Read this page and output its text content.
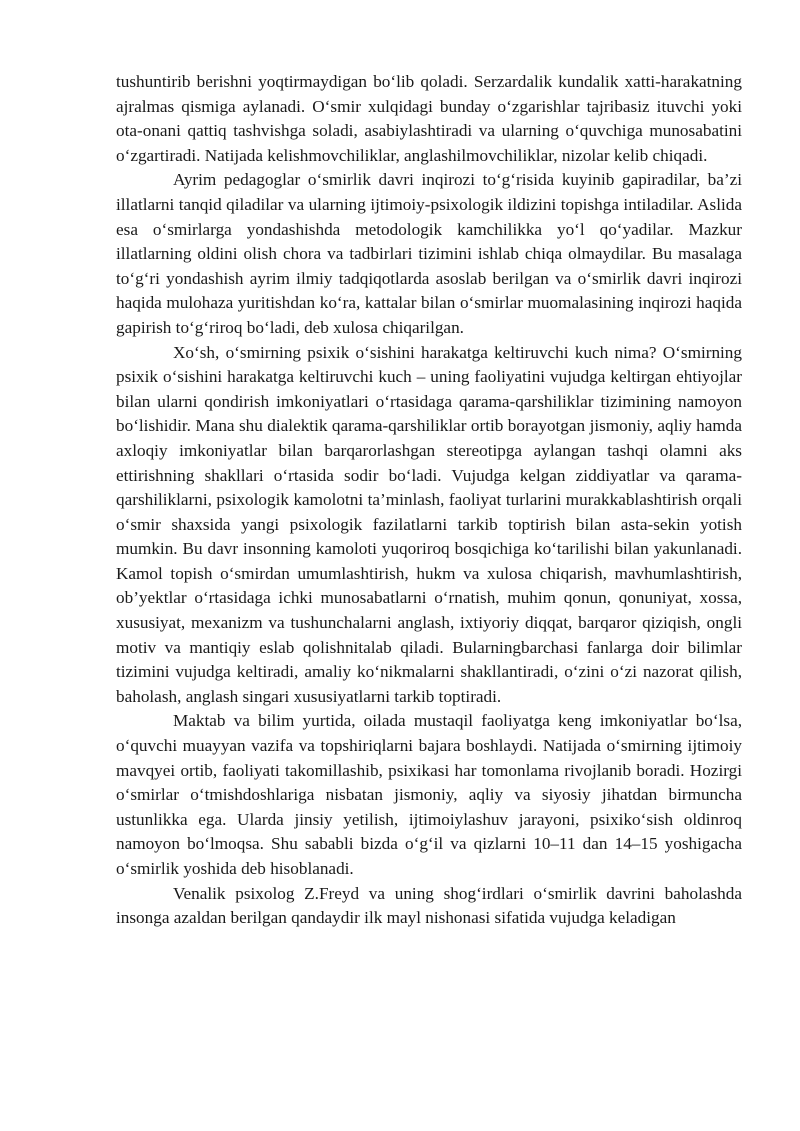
tushuntirib berishni yoqtirmaydigan bo‘lib qoladi. Serzardalik kundalik xatti-harakatning ajralmas qismiga aylanadi. O‘smir xulqidagi bunday o‘zgarishlar tajribasiz ituvchi yoki ota-onani qattiq tashvishga soladi, asabiylashtiradi va ularning o‘quvchiga munosabatini o‘zgartiradi. Natijada kelishmovchiliklar, anglashilmovchiliklar, nizolar kelib chiqadi.

Ayrim pedagoglar o‘smirlik davri inqirozi to‘g‘risida kuyinib gapiradilar, ba’zi illatlarni tanqid qiladilar va ularning ijtimoiy-psixologik ildizini topishga intiladilar. Aslida esa o‘smirlarga yondashishda metodologik kamchilikka yo‘l qo‘yadilar. Mazkur illatlarning oldini olish chora va tadbirlari tizimini ishlab chiqa olmaydilar. Bu masalaga to‘g‘ri yondashish ayrim ilmiy tadqiqotlarda asoslab berilgan va o‘smirlik davri inqirozi haqida mulohaza yuritishdan ko‘ra, kattalar bilan o‘smirlar muomalasining inqirozi haqida gapirish to‘g‘riroq bo‘ladi, deb xulosa chiqarilgan.

Xo‘sh, o‘smirning psixik o‘sishini harakatga keltiruvchi kuch nima? O‘smirning psixik o‘sishini harakatga keltiruvchi kuch – uning faoliyatini vujudga keltirgan ehtiyojlar bilan ularni qondirish imkoniyatlari o‘rtasidaga qarama-qarshiliklar tizimining namoyon bo‘lishidir. Mana shu dialektik qarama-qarshiliklar ortib borayotgan jismoniy, aqliy hamda axloqiy imkoniyatlar bilan barqarorlashgan stereotipga aylangan tashqi olamni aks ettirishning shakllari o‘rtasida sodir bo‘ladi. Vujudga kelgan ziddiyatlar va qarama-qarshiliklarni, psixologik kamolotni ta’minlash, faoliyat turlarini murakkablashtirish orqali o‘smir shaxsida yangi psixologik fazilatlarni tarkib toptirish bilan asta-sekin yotish mumkin. Bu davr insonning kamoloti yuqoriroq bosqichiga ko‘tarilishi bilan yakunlanadi. Kamol topish o‘smirdan umumlashtirish, hukm va xulosa chiqarish, mavhumlashtirish, ob’yektlar o‘rtasidaga ichki munosabatlarni o‘rnatish, muhim qonun, qonuniyat, xossa, xususiyat, mexanizm va tushunchalarni anglash, ixtiyoriy diqqat, barqaror qiziqish, ongli motiv va mantiqiy eslab qolishnitalab qiladi. Bularningbarchasi fanlarga doir bilimlar tizimini vujudga keltiradi, amaliy ko‘nikmalarni shakllantiradi, o‘zini o‘zi nazorat qilish, baholash, anglash singari xususiyatlarni tarkib toptiradi.

Maktab va bilim yurtida, oilada mustaqil faoliyatga keng imkoniyatlar bo‘lsa, o‘quvchi muayyan vazifa va topshiriqlarni bajara boshlaydi. Natijada o‘smirning ijtimoiy mavqyei ortib, faoliyati takomillashib, psixikasi har tomonlama rivojlanib boradi. Hozirgi o‘smirlar o‘tmishdoshlariga nisbatan jismoniy, aqliy va siyosiy jihatdan birmuncha ustunlikka ega. Ularda jinsiy yetilish, ijtimoiylashuv jarayoni, psixiko‘sish oldinroq namoyon bo‘lmoqsa. Shu sababli bizda o‘g‘il va qizlarni 10–11 dan 14–15 yoshigacha o‘smirlik yoshida deb hisoblanadi.

Venalik psixolog Z.Freyd va uning shog‘irdlari o‘smirlik davrini baholashda insonga azaldan berilgan qandaydir ilk mayl nishonasi sifatida vujudga keladigan
